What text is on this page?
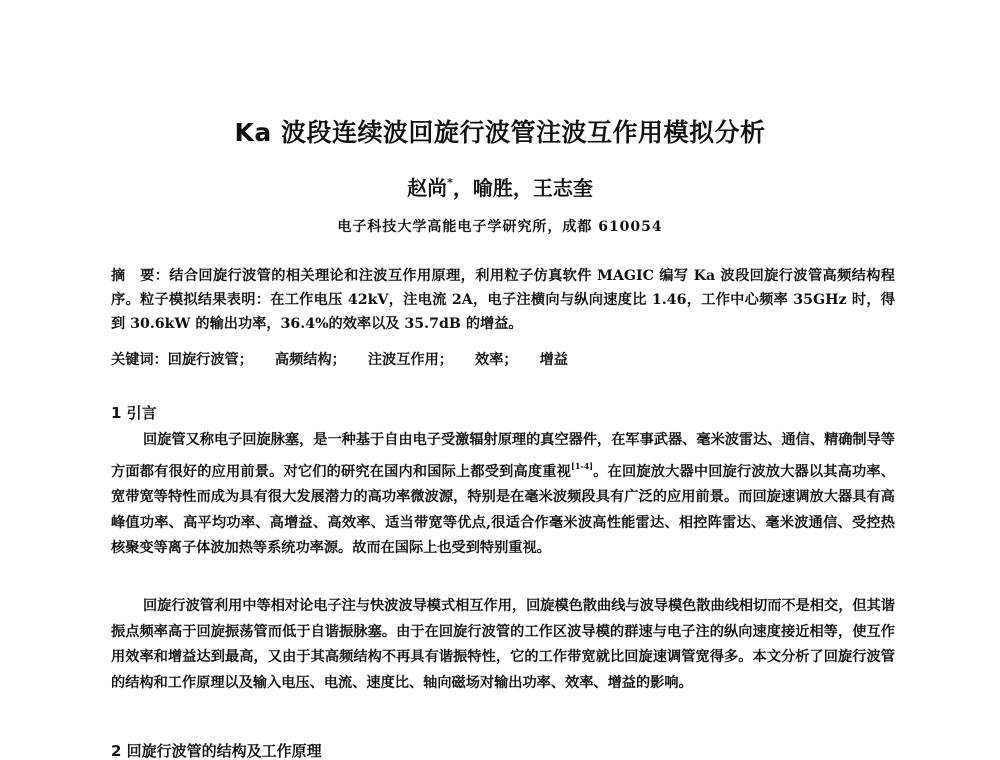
Ka 波段连续波回旋行波管注波互作用模拟分析
赵尚*，喻胜，王志奎
电子科技大学高能电子学研究所，成都 610054
摘　要：结合回旋行波管的相关理论和注波互作用原理，利用粒子仿真软件 MAGIC 编写 Ka 波段回旋行波管高频结构程序。粒子模拟结果表明：在工作电压 42kV，注电流 2A，电子注横向与纵向速度比 1.46，工作中心频率 35GHz 时，得到 30.6kW 的输出功率，36.4%的效率以及 35.7dB 的增益。
关键词：回旋行波管； 高频结构； 注波互作用； 效率； 增益
1 引言

回旋管又称电子回旋脉塞，是一种基于自由电子受激辐射原理的真空器件，在军事武器、毫米波雷达、通信、精确制导等方面都有很好的应用前景。对它们的研究在国内和国际上都受到高度重视[1-4]。在回旋放大器中回旋行波放大器以其高功率、宽带宽等特性而成为具有很大发展潜力的高功率微波源，特别是在毫米波频段具有广泛的应用前景。而回旋速调放大器具有高峰值功率、高平均功率、高增益、高效率、适当带宽等优点,很适合作毫米波高性能雷达、相控阵雷达、毫米波通信、受控热核聚变等离子体波加热等系统功率源。故而在国际上也受到特别重视。

回旋行波管利用中等相对论电子注与快波波导模式相互作用，回旋模色散曲线与波导模色散曲线相切而不是相交，但其谐振点频率高于回旋振荡管而低于自谐振脉塞。由于在回旋行波管的工作区波导模的群速与电子注的纵向速度接近相等，使互作用效率和增益达到最高，又由于其高频结构不再具有谐振特性，它的工作带宽就比回旋速调管宽得多。本文分析了回旋行波管的结构和工作原理以及输入电压、电流、速度比、轴向磁场对输出功率、效率、增益的影响。

2 回旋行波管的结构及工作原理
